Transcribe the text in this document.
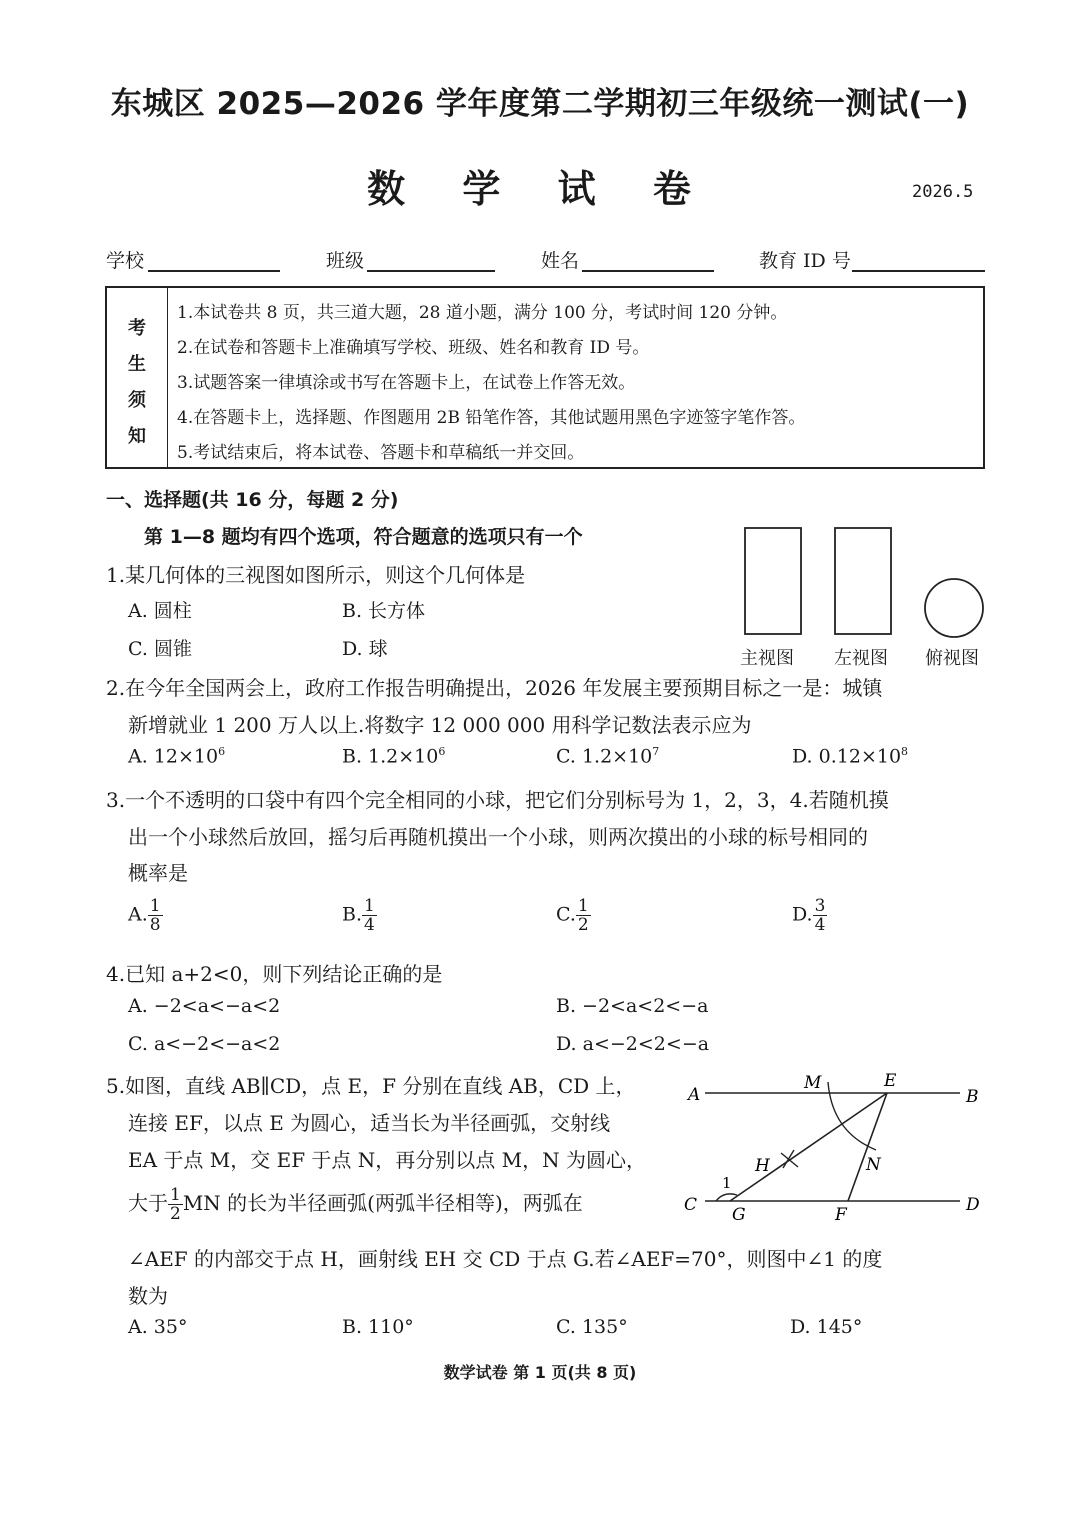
东城区 2025—2026 学年度第二学期初三年级统一测试(一)
数 学 试 卷	2026.5
学校	班级	姓名	教育 ID 号
考
生
须
知
1.本试卷共 8 页，共三道大题，28 道小题，满分 100 分，考试时间 120 分钟。
2.在试卷和答题卡上准确填写学校、班级、姓名和教育 ID 号。
3.试题答案一律填涂或书写在答题卡上，在试卷上作答无效。
4.在答题卡上，选择题、作图题用 2B 铅笔作答，其他试题用黑色字迹签字笔作答。
5.考试结束后，将本试卷、答题卡和草稿纸一并交回。
一、选择题(共 16 分，每题 2 分)
第 1—8 题均有四个选项，符合题意的选项只有一个
1.某几何体的三视图如图所示，则这个几何体是
A. 圆柱	B. 长方体
C. 圆锥	D. 球	主视图 左视图 俯视图
2.在今年全国两会上，政府工作报告明确提出，2026 年发展主要预期目标之一是：城镇
新增就业 1 200 万人以上.将数字 12 000 000 用科学记数法表示应为
A. $12\times 10^6$	B. $1.2\times 10^6$	C. $1.2\times 10^7$	D. $0.12\times 10^8$
3.一个不透明的口袋中有四个完全相同的小球，把它们分别标号为 1，2，3，4.若随机摸
出一个小球然后放回，摇匀后再随机摸出一个小球，则两次摸出的小球的标号相同的
概率是
A. $\frac{1}{8}$	B. $\frac{1}{4}$	C. $\frac{1}{2}$	D. $\frac{3}{4}$
4.已知 a+2<0，则下列结论正确的是
A. −2<a<−a<2	B. −2<a<2<−a
C. a<−2<−a<2	D. a<−2<2<−a
5.如图，直线 AB∥CD，点 E，F 分别在直线 AB，CD 上，
连接 EF，以点 E 为圆心，适当长为半径画弧，交射线
EA 于点 M，交 EF 于点 N，再分别以点 M，N 为圆心，
大于 $\frac{1}{2}$ MN 的长为半径画弧(两弧半径相等)，两弧在
∠AEF 的内部交于点 H，画射线 EH 交 CD 于点 G.若∠AEF=70°，则图中∠1 的度
数为
A. 35°	B. 110°	C. 135°	D. 145°
A	B
C	D
E
F
G
H
M
N
1
数学试卷 第 1 页(共 8 页)
